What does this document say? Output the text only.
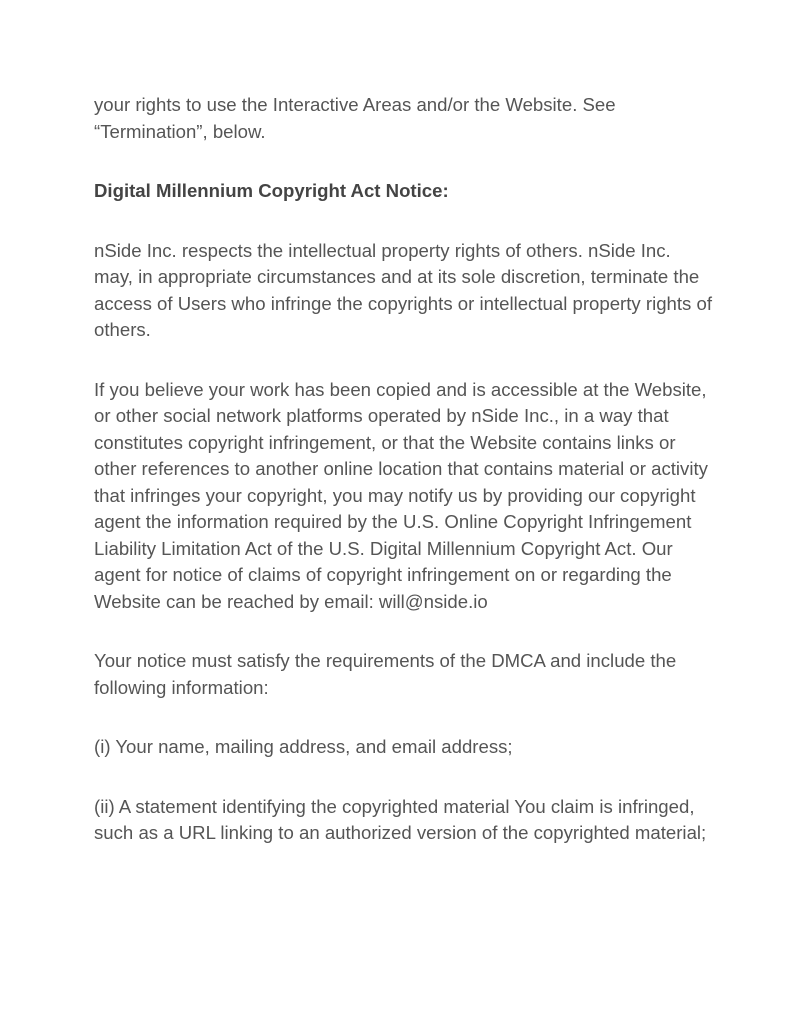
your rights to use the Interactive Areas and/or the Website. See “Termination”, below.

Digital Millennium Copyright Act Notice:

nSide Inc. respects the intellectual property rights of others. nSide Inc. may, in appropriate circumstances and at its sole discretion, terminate the access of Users who infringe the copyrights or intellectual property rights of others.

If you believe your work has been copied and is accessible at the Website, or other social network platforms operated by nSide Inc., in a way that constitutes copyright infringement, or that the Website contains links or other references to another online location that contains material or activity that infringes your copyright, you may notify us by providing our copyright agent the information required by the U.S. Online Copyright Infringement Liability Limitation Act of the U.S. Digital Millennium Copyright Act. Our agent for notice of claims of copyright infringement on or regarding the Website can be reached by email: will@nside.io

Your notice must satisfy the requirements of the DMCA and include the following information:

(i) Your name, mailing address, and email address;

(ii) A statement identifying the copyrighted material You claim is infringed, such as a URL linking to an authorized version of the copyrighted material;
